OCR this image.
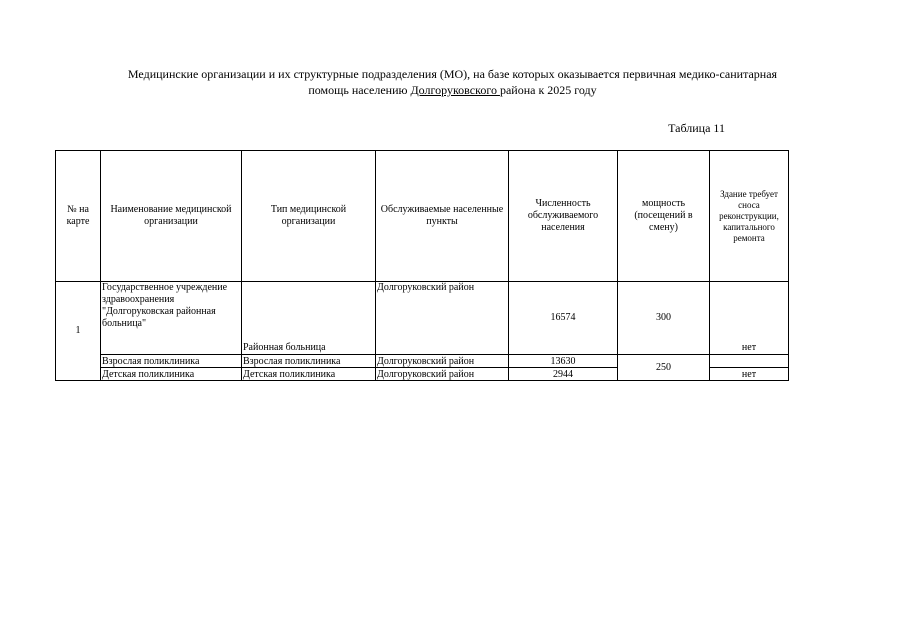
Медицинские организации и их структурные подразделения (МО), на базе которых оказывается первичная медико-санитарная
помощь населению Долгоруковского района к 2025 году
Таблица 11
№ на карте	Наименование медицинской организации	Тип медицинской организации	Обслуживаемые населенные пункты	Численность обслуживаемого населения	мощность (посещений в смену)	Здание требует сноса реконструкции, капитального ремонта
1	Государственное учреждение здравоохранения "Долгоруковская районная больница"	Районная больница	Долгоруковский район	16574	300	нет
	Взрослая поликлиника	Взрослая поликлиника	Долгоруковский район	13630	250	
	Детская поликлиника	Детская поликлиника	Долгоруковский район	2944		нет
